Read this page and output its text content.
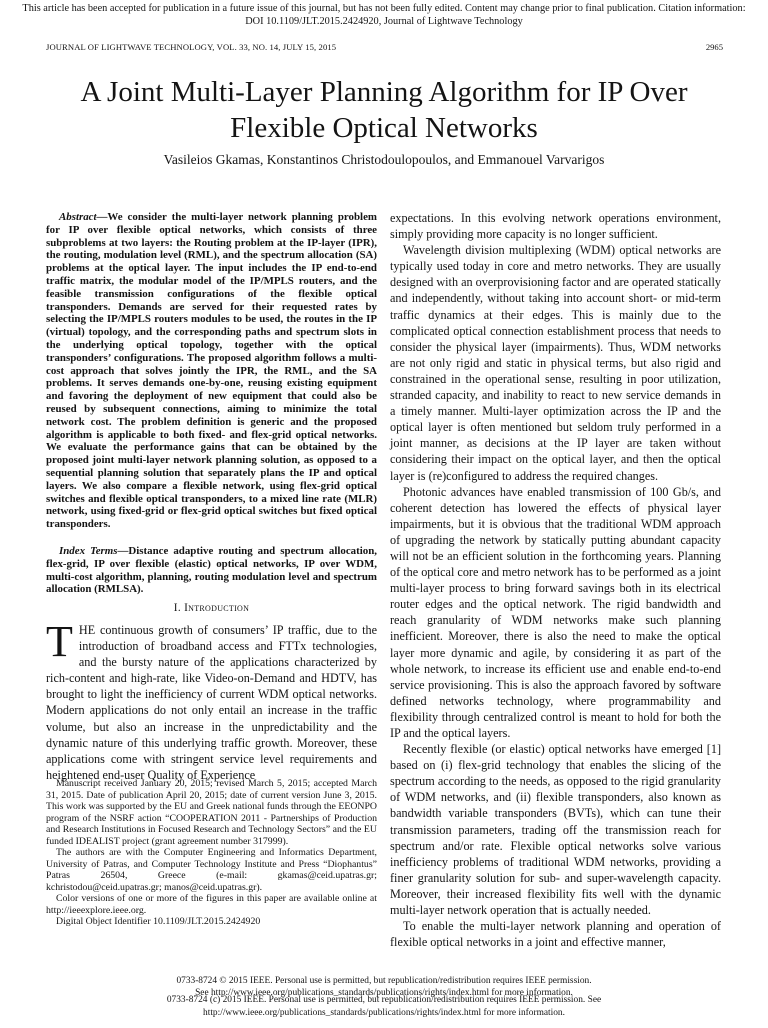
This article has been accepted for publication in a future issue of this journal, but has not been fully edited. Content may change prior to final publication. Citation information:
DOI 10.1109/JLT.2015.2424920, Journal of Lightwave Technology
JOURNAL OF LIGHTWAVE TECHNOLOGY, VOL. 33, NO. 14, JULY 15, 2015	2965
A Joint Multi-Layer Planning Algorithm for IP Over
Flexible Optical Networks
Vasileios Gkamas, Konstantinos Christodoulopoulos, and Emmanouel Varvarigos
Abstract—We consider the multi-layer network planning problem for IP over flexible optical networks, which consists of three subproblems at two layers: the Routing problem at the IP-layer (IPR), the routing, modulation level (RML), and the spectrum allocation (SA) problems at the optical layer. The input includes the IP end-to-end traffic matrix, the modular model of the IP/MPLS routers, and the feasible transmission configurations of the flexible optical transponders. Demands are served for their requested rates by selecting the IP/MPLS routers modules to be used, the routes in the IP (virtual) topology, and the corresponding paths and spectrum slots in the underlying optical topology, together with the optical transponders’ configurations. The proposed algorithm follows a multi-cost approach that solves jointly the IPR, the RML, and the SA problems. It serves demands one-by-one, reusing existing equipment and favoring the deployment of new equipment that could also be reused by subsequent connections, aiming to minimize the total network cost. The problem definition is generic and the proposed algorithm is applicable to both fixed- and flex-grid optical networks. We evaluate the performance gains that can be obtained by the proposed joint multi-layer network planning solution, as opposed to a sequential planning solution that separately plans the IP and optical layers. We also compare a flexible network, using flex-grid optical switches and flexible optical transponders, to a mixed line rate (MLR) network, using fixed-grid or flex-grid optical switches but fixed optical transponders.
Index Terms—Distance adaptive routing and spectrum allocation, flex-grid, IP over flexible (elastic) optical networks, IP over WDM, multi-cost algorithm, planning, routing modulation level and spectrum allocation (RMLSA).
I. Introduction
T HE continuous growth of consumers’ IP traffic, due to the introduction of broadband access and FTTx technologies, and the bursty nature of the applications characterized by rich-content and high-rate, like Video-on-Demand and HDTV, has brought to light the inefficiency of current WDM optical networks. Modern applications do not only entail an increase in the traffic volume, but also an increase in the unpredictability and the dynamic nature of this underlying traffic growth. Moreover, these applications come with stringent service level requirements and heightened end-user Quality of Experience

Manuscript received January 20, 2015; revised March 5, 2015; accepted March 31, 2015. Date of publication April 20, 2015; date of current version June 3, 2015. This work was supported by the EU and Greek national funds through the EEONPO program of the NSRF action “COOPERATION 2011 - Partnerships of Production and Research Institutions in Focused Research and Technology Sectors” and the EU funded IDEALIST project (grant agreement number 317999).

The authors are with the Computer Engineering and Informatics Department, University of Patras, and Computer Technology Institute and Press “Diophantus” Patras 26504, Greece (e-mail: gkamas@ceid.upatras.gr; kchristodou@ceid.upatras.gr; manos@ceid.upatras.gr).

Color versions of one or more of the figures in this paper are available online at http://ieeexplore.ieee.org.

Digital Object Identifier 10.1109/JLT.2015.2424920

expectations. In this evolving network operations environment, simply providing more capacity is no longer sufficient.

Wavelength division multiplexing (WDM) optical networks are typically used today in core and metro networks. They are usually designed with an overprovisioning factor and are operated statically and independently, without taking into account short- or mid-term traffic dynamics at their edges. This is mainly due to the complicated optical connection establishment process that needs to consider the physical layer (impairments). Thus, WDM networks are not only rigid and static in physical terms, but also rigid and constrained in the operational sense, resulting in poor utilization, stranded capacity, and inability to react to new service demands in a timely manner. Multi-layer optimization across the IP and the optical layer is often mentioned but seldom truly performed in a joint manner, as decisions at the IP layer are taken without considering their impact on the optical layer, and then the optical layer is (re)configured to address the required changes.

Photonic advances have enabled transmission of 100 Gb/s, and coherent detection has lowered the effects of physical layer impairments, but it is obvious that the traditional WDM approach of upgrading the network by statically putting abundant capacity will not be an efficient solution in the forthcoming years. Planning of the optical core and metro network has to be performed as a joint multi-layer process to bring forward savings both in its electrical router edges and the optical network. The rigid bandwidth and reach granularity of WDM networks make such planning inefficient. Moreover, there is also the need to make the optical layer more dynamic and agile, by considering it as part of the whole network, to increase its efficient use and enable end-to-end service provisioning. This is also the approach favored by software defined networks technology, where programmability and flexibility through centralized control is meant to hold for both the IP and the optical layers.

Recently flexible (or elastic) optical networks have emerged [1] based on (i) flex-grid technology that enables the slicing of the spectrum according to the needs, as opposed to the rigid granularity of WDM networks, and (ii) flexible transponders, also known as bandwidth variable transponders (BVTs), which can tune their transmission parameters, trading off the transmission reach for spectrum and/or rate. Flexible optical networks solve various inefficiency problems of traditional WDM networks, providing a finer granularity solution for sub- and super-wavelength capacity. Moreover, their increased flexibility fits well with the dynamic multi-layer network operation that is actually needed.

To enable the multi-layer network planning and operation of flexible optical networks in a joint and effective manner,

0733-8724 © 2015 IEEE. Personal use is permitted, but republication/redistribution requires IEEE permission.
See http://www.ieee.org/publications_standards/publications/rights/index.html for more information.
0733-8724 (c) 2015 IEEE. Personal use is permitted, but republication/redistribution requires IEEE permission. See
http://www.ieee.org/publications_standards/publications/rights/index.html for more information.
